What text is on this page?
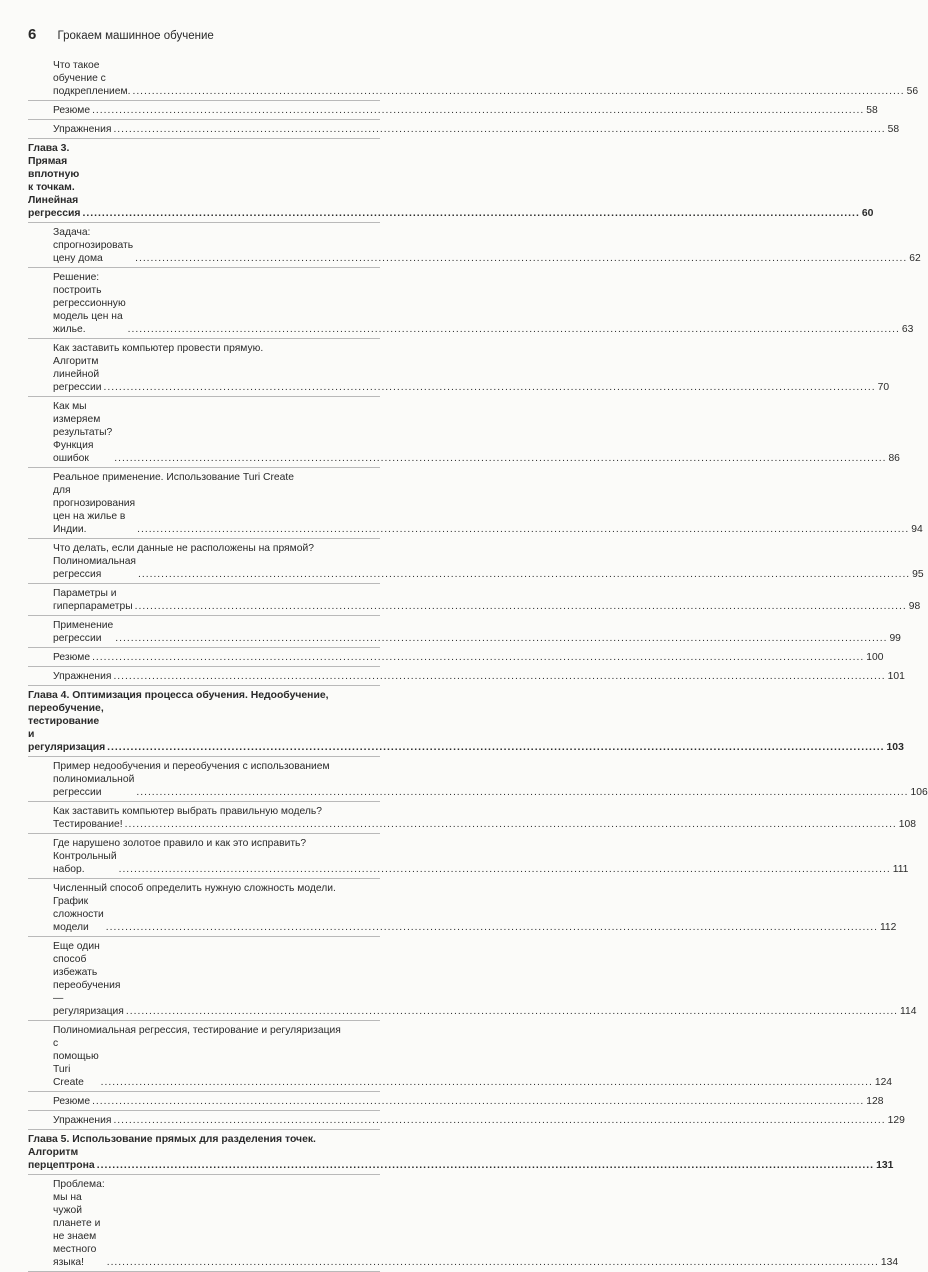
6 Грокаем машинное обучение
Что такое обучение с подкреплением. ........................................................................................................................................................................................................ 56
Резюме ........................................................................................................................................................................................................ 58
Упражнения ........................................................................................................................................................................................................ 58
Глава 3. Прямая вплотную к точкам. Линейная регрессия ........................................................................................................................................................................................................ 60
Задача: спрогнозировать цену дома	........................................................................................................................................................................................................ 62
Решение: построить регрессионную модель цен на жилье.	........................................................................................................................................................................................................ 63
Как заставить компьютер провести прямую.
Алгоритм линейной регрессии ........................................................................................................................................................................................................ 70
Как мы измеряем результаты? Функция ошибок	........................................................................................................................................................................................................ 86
Реальное применение. Использование Turi Create
для прогнозирования цен на жилье в Индии.	........................................................................................................................................................................................................ 94
Что делать, если данные не расположены на прямой?
Полиномиальная регрессия	........................................................................................................................................................................................................ 95
Параметры и гиперпараметры ........................................................................................................................................................................................................ 98
Применение регрессии	........................................................................................................................................................................................................ 99
Резюме ........................................................................................................................................................................................................ 100
Упражнения ........................................................................................................................................................................................................ 101
Глава 4. Оптимизация процесса обучения. Недообучение,
переобучение, тестирование и регуляризация ........................................................................................................................................................................................................ 103
Пример недообучения и переобучения с использованием
полиномиальной регрессии	........................................................................................................................................................................................................ 106
Как заставить компьютер выбрать правильную модель?
Тестирование! ........................................................................................................................................................................................................ 108
Где нарушено золотое правило и как это исправить?
Контрольный набор.	........................................................................................................................................................................................................ 111
Численный способ определить нужную сложность модели.
График сложности модели	........................................................................................................................................................................................................ 112
Еще один способ избежать переобучения — регуляризация ........................................................................................................................................................................................................ 114
Полиномиальная регрессия, тестирование и регуляризация
с помощью Turi Create	........................................................................................................................................................................................................ 124
Резюме ........................................................................................................................................................................................................ 128
Упражнения ........................................................................................................................................................................................................ 129
Глава 5. Использование прямых для разделения точек.
Алгоритм перцептрона ........................................................................................................................................................................................................ 131
Проблема: мы на чужой планете и не знаем местного языка!	........................................................................................................................................................................................................ 134
